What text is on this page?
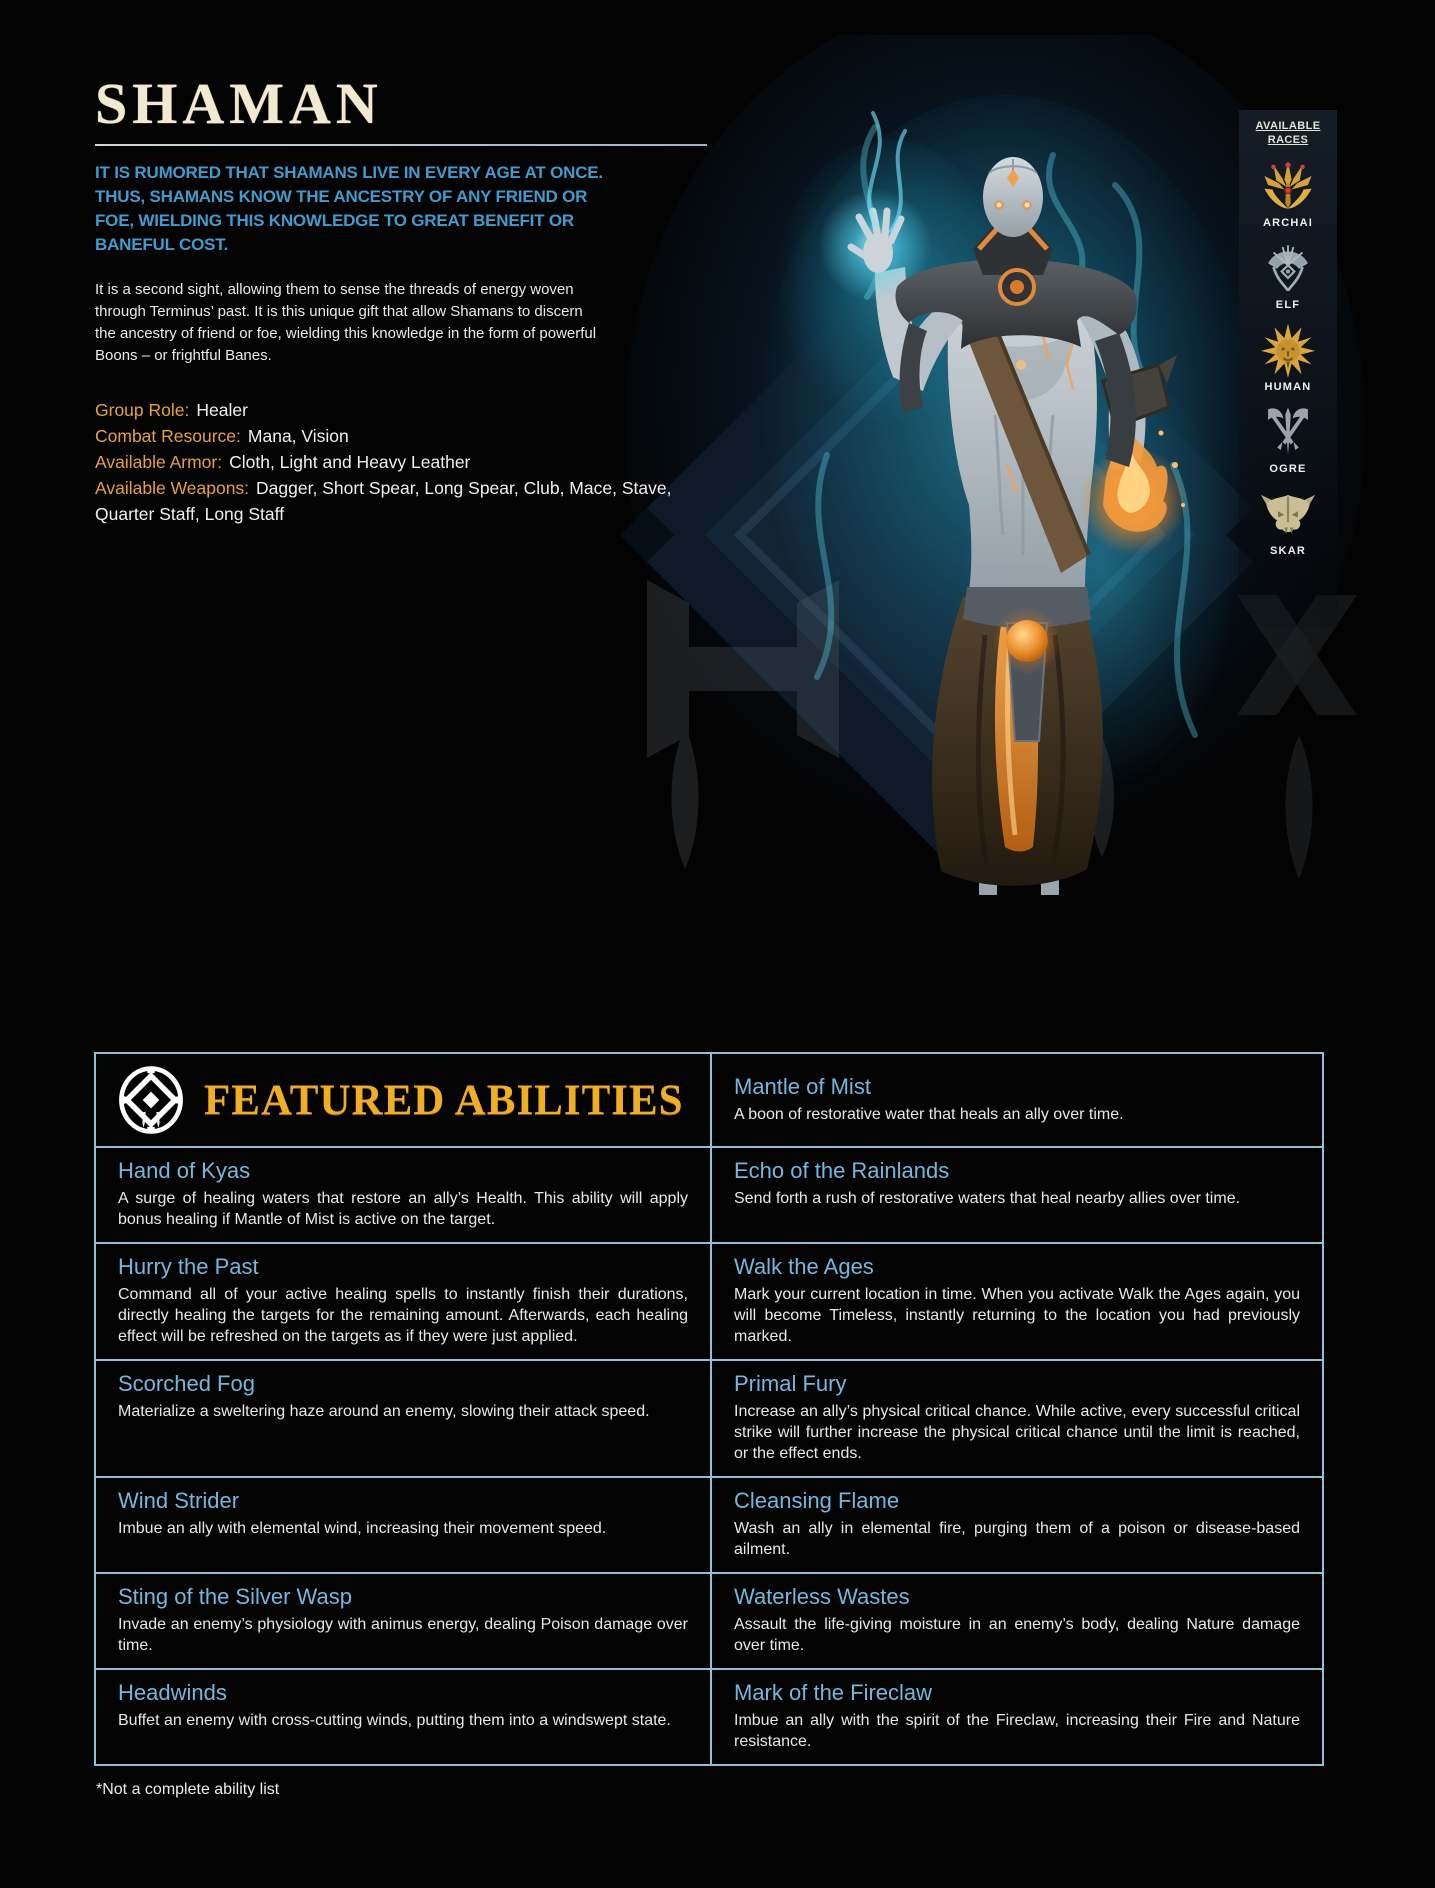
SHAMAN
IT IS RUMORED THAT SHAMANS LIVE IN EVERY AGE AT ONCE. THUS, SHAMANS KNOW THE ANCESTRY OF ANY FRIEND OR FOE, WIELDING THIS KNOWLEDGE TO GREAT BENEFIT OR BANEFUL COST.
It is a second sight, allowing them to sense the threads of energy woven through Terminus’ past. It is this unique gift that allow Shamans to discern the ancestry of friend or foe, wielding this knowledge in the form of powerful Boons – or frightful Banes.
Group Role: Healer
Combat Resource: Mana, Vision
Available Armor: Cloth, Light and Heavy Leather
Available Weapons: Dagger, Short Spear, Long Spear, Club, Mace, Stave, Quarter Staff, Long Staff
AVAILABLE
RACES
ARCHAI
ELF
HUMAN
OGRE
SKAR
FEATURED ABILITIES Mantle of Mist
A boon of restorative water that heals an ally over time.
Hand of Kyas
A surge of healing waters that restore an ally’s Health. This ability will apply bonus healing if Mantle of Mist is active on the target.
Echo of the Rainlands
Send forth a rush of restorative waters that heal nearby allies over time.
Hurry the Past
Command all of your active healing spells to instantly finish their durations, directly healing the targets for the remaining amount. Afterwards, each healing effect will be refreshed on the targets as if they were just applied.
Walk the Ages
Mark your current location in time. When you activate Walk the Ages again, you will become Timeless, instantly returning to the location you had previously marked.
Scorched Fog
Materialize a sweltering haze around an enemy, slowing their attack speed.
Primal Fury
Increase an ally’s physical critical chance. While active, every successful critical strike will further increase the physical critical chance until the limit is reached, or the effect ends.
Wind Strider
Imbue an ally with elemental wind, increasing their movement speed.
Cleansing Flame
Wash an ally in elemental fire, purging them of a poison or disease-based ailment.
Sting of the Silver Wasp
Invade an enemy’s physiology with animus energy, dealing Poison damage over time.
Waterless Wastes
Assault the life-giving moisture in an enemy’s body, dealing Nature damage over time.
Headwinds
Buffet an enemy with cross-cutting winds, putting them into a windswept state.
Mark of the Fireclaw
Imbue an ally with the spirit of the Fireclaw, increasing their Fire and Nature resistance.
*Not a complete ability list
